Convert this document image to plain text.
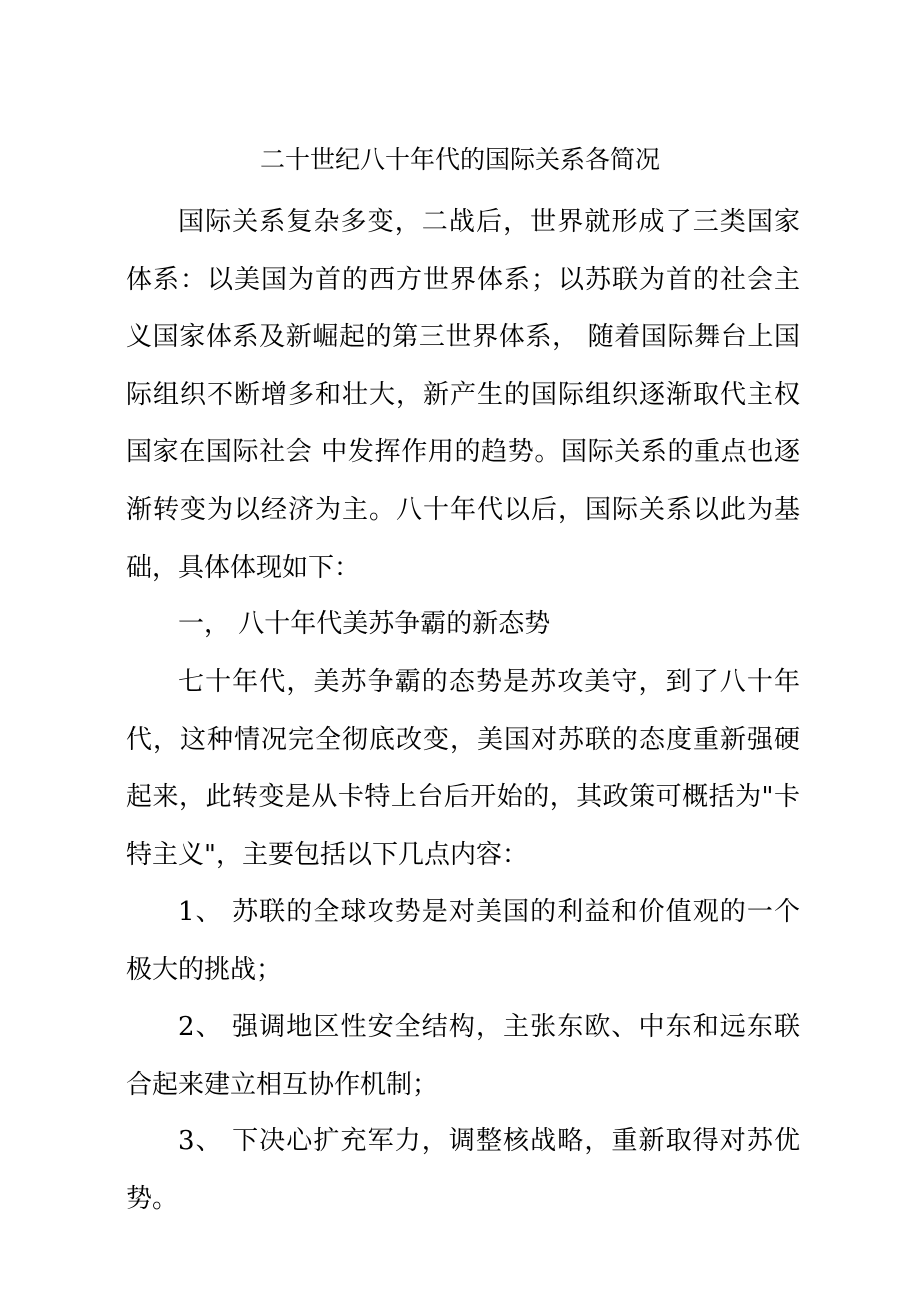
二十世纪八十年代的国际关系各简况
国际关系复杂多变，二战后，世界就形成了三类国家体系：以美国为首的西方世界体系；以苏联为首的社会主义国家体系及新崛起的第三世界体系， 随着国际舞台上国际组织不断增多和壮大，新产生的国际组织逐渐取代主权国家在国际社会 中发挥作用的趋势。国际关系的重点也逐渐转变为以经济为主。八十年代以后，国际关系以此为基础，具体体现如下：
一， 八十年代美苏争霸的新态势
七十年代，美苏争霸的态势是苏攻美守，到了八十年代，这种情况完全彻底改变，美国对苏联的态度重新强硬起来，此转变是从卡特上台后开始的，其政策可概括为"卡特主义"，主要包括以下几点内容：
1、 苏联的全球攻势是对美国的利益和价值观的一个极大的挑战；
2、 强调地区性安全结构，主张东欧、中东和远东联合起来建立相互协作机制；
3、 下决心扩充军力，调整核战略，重新取得对苏优势。
